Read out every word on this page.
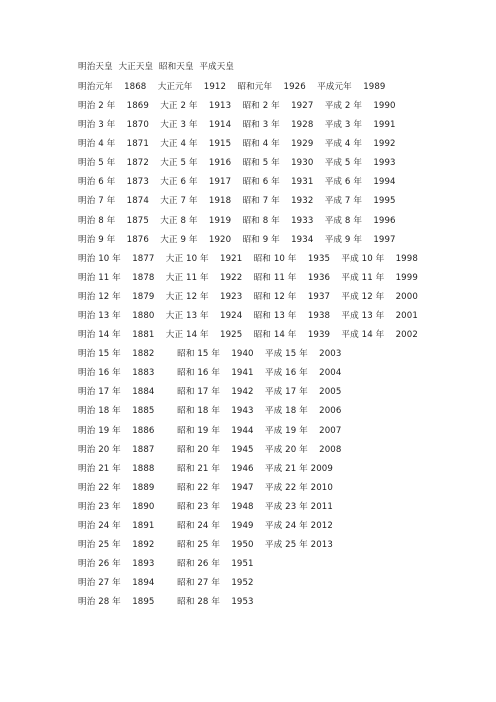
明治天皇  大正天皇  昭和天皇  平成天皇
明治元年    1868    大正元年    1912    昭和元年    1926    平成元年    1989
明治 2 年    1869    大正 2 年    1913    昭和 2 年    1927    平成 2 年    1990
明治 3 年    1870    大正 3 年    1914    昭和 3 年    1928    平成 3 年    1991
明治 4 年    1871    大正 4 年    1915    昭和 4 年    1929    平成 4 年    1992
明治 5 年    1872    大正 5 年    1916    昭和 5 年    1930    平成 5 年    1993
明治 6 年    1873    大正 6 年    1917    昭和 6 年    1931    平成 6 年    1994
明治 7 年    1874    大正 7 年    1918    昭和 7 年    1932    平成 7 年    1995
明治 8 年    1875    大正 8 年    1919    昭和 8 年    1933    平成 8 年    1996
明治 9 年    1876    大正 9 年    1920    昭和 9 年    1934    平成 9 年    1997
明治 10 年    1877    大正 10 年    1921    昭和 10 年    1935    平成 10 年    1998
明治 11 年    1878    大正 11 年    1922    昭和 11 年    1936    平成 11 年    1999
明治 12 年    1879    大正 12 年    1923    昭和 12 年    1937    平成 12 年    2000
明治 13 年    1880    大正 13 年    1924    昭和 13 年    1938    平成 13 年    2001
明治 14 年    1881    大正 14 年    1925    昭和 14 年    1939    平成 14 年    2002
明治 15 年    1882        昭和 15 年    1940    平成 15 年    2003
明治 16 年    1883        昭和 16 年    1941    平成 16 年    2004
明治 17 年    1884        昭和 17 年    1942    平成 17 年    2005
明治 18 年    1885        昭和 18 年    1943    平成 18 年    2006
明治 19 年    1886        昭和 19 年    1944    平成 19 年    2007
明治 20 年    1887        昭和 20 年    1945    平成 20 年    2008
明治 21 年    1888        昭和 21 年    1946    平成 21 年 2009
明治 22 年    1889        昭和 22 年    1947    平成 22 年 2010
明治 23 年    1890        昭和 23 年    1948    平成 23 年 2011
明治 24 年    1891        昭和 24 年    1949    平成 24 年 2012
明治 25 年    1892        昭和 25 年    1950    平成 25 年 2013
明治 26 年    1893        昭和 26 年    1951
明治 27 年    1894        昭和 27 年    1952
明治 28 年    1895        昭和 28 年    1953
